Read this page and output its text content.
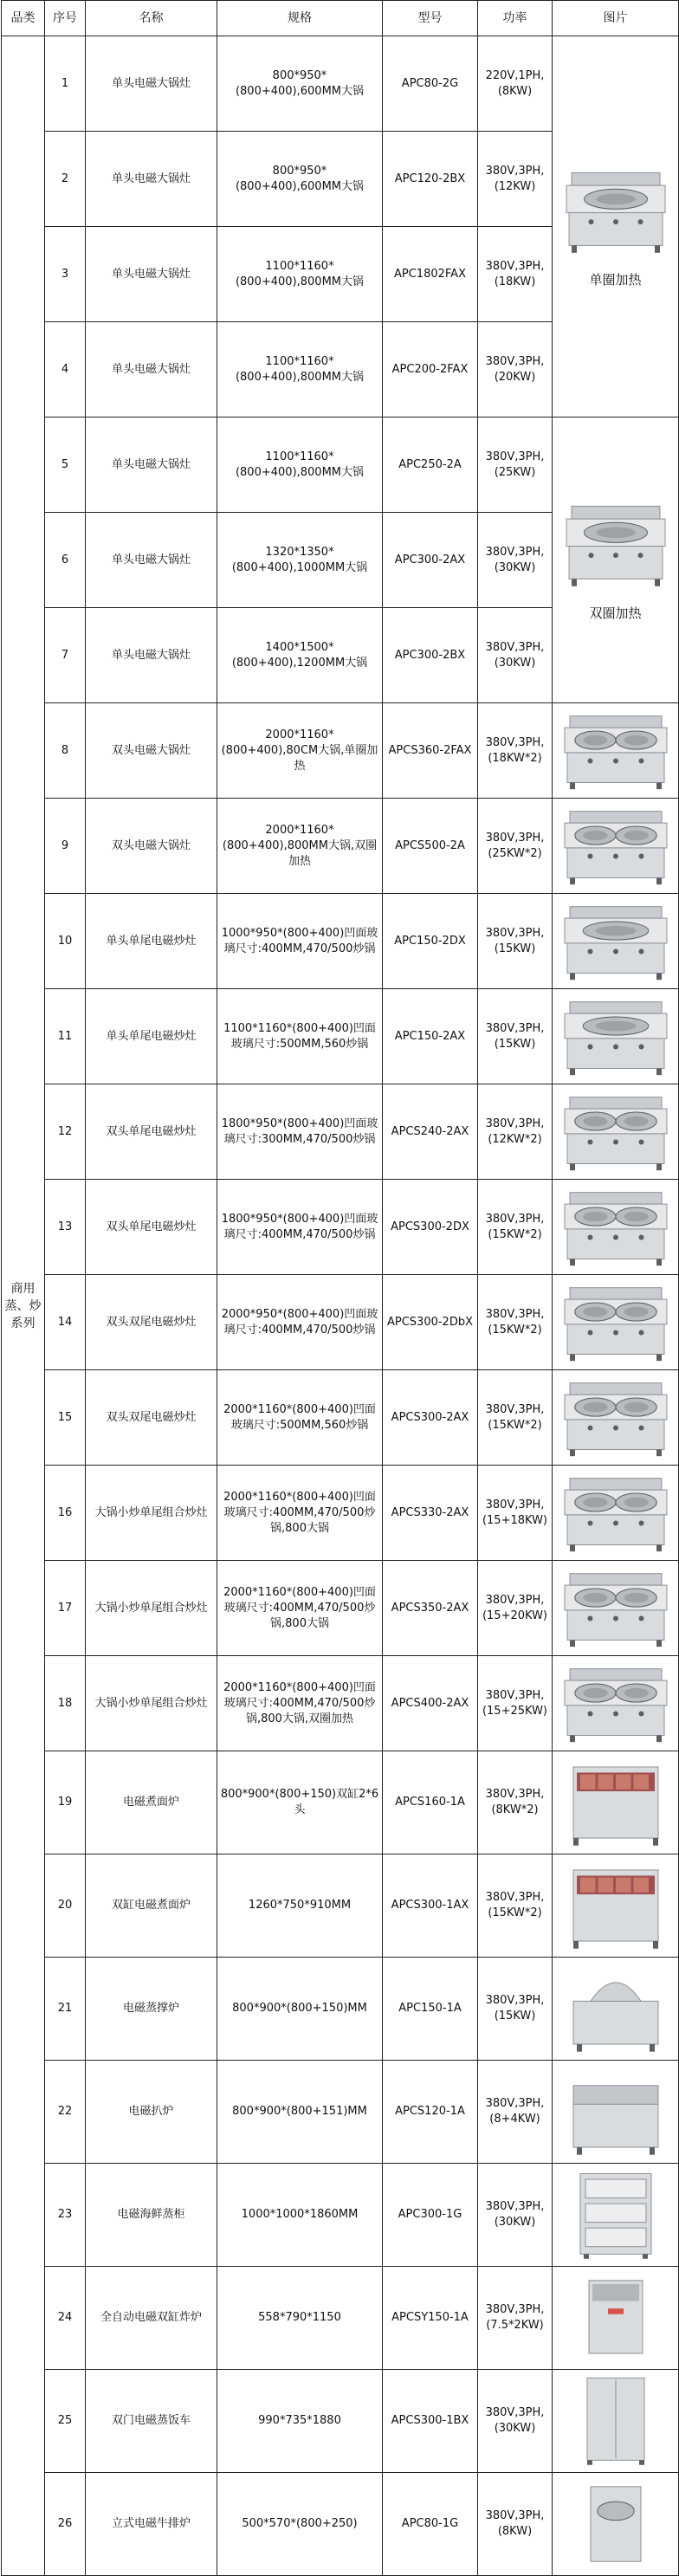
品类	序号	名称	规格	型号	功率	图片
商用蒸、炒系列	1	单头电磁大锅灶	800*950*(800+400),600MM大锅	APC80-2G	220V,1PH,(8KW)	单圈加热

	2	单头电磁大锅灶	800*950*(800+400),600MM大锅	APC120-2BX	380V,3PH,(12KW)	
	3	单头电磁大锅灶	1100*1160*(800+400),800MM大锅	APC1802FAX	380V,3PH,(18KW)	
	4	单头电磁大锅灶	1100*1160*(800+400),800MM大锅	APC200-2FAX	380V,3PH,(20KW)	
	5	单头电磁大锅灶	1100*1160*(800+400),800MM大锅	APC250-2A	380V,3PH,(25KW)	双圈加热

	6	单头电磁大锅灶	1320*1350*(800+400),1000MM大锅	APC300-2AX	380V,3PH,(30KW)	
	7	单头电磁大锅灶	1400*1500*(800+400),1200MM大锅	APC300-2BX	380V,3PH,(30KW)	
	8	双头电磁大锅灶	2000*1160*(800+400),80CM大锅,单圈加热	APCS360-2FAX	380V,3PH,(18KW*2)	

	9	双头电磁大锅灶	2000*1160*(800+400),800MM大锅,双圈加热	APCS500-2A	380V,3PH,(25KW*2)	

	10	单头单尾电磁炒灶	1000*950*(800+400)凹面玻璃尺寸:400MM,470/500炒锅	APC150-2DX	380V,3PH,(15KW)	

	11	单头单尾电磁炒灶	1100*1160*(800+400)凹面玻璃尺寸:500MM,560炒锅	APC150-2AX	380V,3PH,(15KW)	

	12	双头单尾电磁炒灶	1800*950*(800+400)凹面玻璃尺寸:300MM,470/500炒锅	APCS240-2AX	380V,3PH,(12KW*2)	

	13	双头单尾电磁炒灶	1800*950*(800+400)凹面玻璃尺寸:400MM,470/500炒锅	APCS300-2DX	380V,3PH,(15KW*2)	

	14	双头双尾电磁炒灶	2000*950*(800+400)凹面玻璃尺寸:400MM,470/500炒锅	APCS300-2DbX	380V,3PH,(15KW*2)	

	15	双头双尾电磁炒灶	2000*1160*(800+400)凹面玻璃尺寸:500MM,560炒锅	APCS300-2AX	380V,3PH,(15KW*2)	

	16	大锅小炒单尾组合炒灶	2000*1160*(800+400)凹面玻璃尺寸:400MM,470/500炒锅,800大锅	APCS330-2AX	380V,3PH,(15+18KW)	

	17	大锅小炒单尾组合炒灶	2000*1160*(800+400)凹面玻璃尺寸:400MM,470/500炒锅,800大锅	APCS350-2AX	380V,3PH,(15+20KW)	

	18	大锅小炒单尾组合炒灶	2000*1160*(800+400)凹面玻璃尺寸:400MM,470/500炒锅,800大锅,双圈加热	APCS400-2AX	380V,3PH,(15+25KW)	

	19	电磁煮面炉	800*900*(800+150)双缸2*6头	APCS160-1A	380V,3PH,(8KW*2)	

	20	双缸电磁煮面炉	1260*750*910MM	APCS300-1AX	380V,3PH,(15KW*2)	

	21	电磁蒸撑炉	800*900*(800+150)MM	APC150-1A	380V,3PH,(15KW)	

	22	电磁扒炉	800*900*(800+151)MM	APCS120-1A	380V,3PH,(8+4KW)	

	23	电磁海鲜蒸柜	1000*1000*1860MM	APC300-1G	380V,3PH,(30KW)	

	24	全自动电磁双缸炸炉	558*790*1150	APCSY150-1A	380V,3PH,(7.5*2KW)	

	25	双门电磁蒸饭车	990*735*1880	APCS300-1BX	380V,3PH,(30KW)	

	26	立式电磁牛排炉	500*570*(800+250)	APC80-1G	380V,3PH,(8KW)	
